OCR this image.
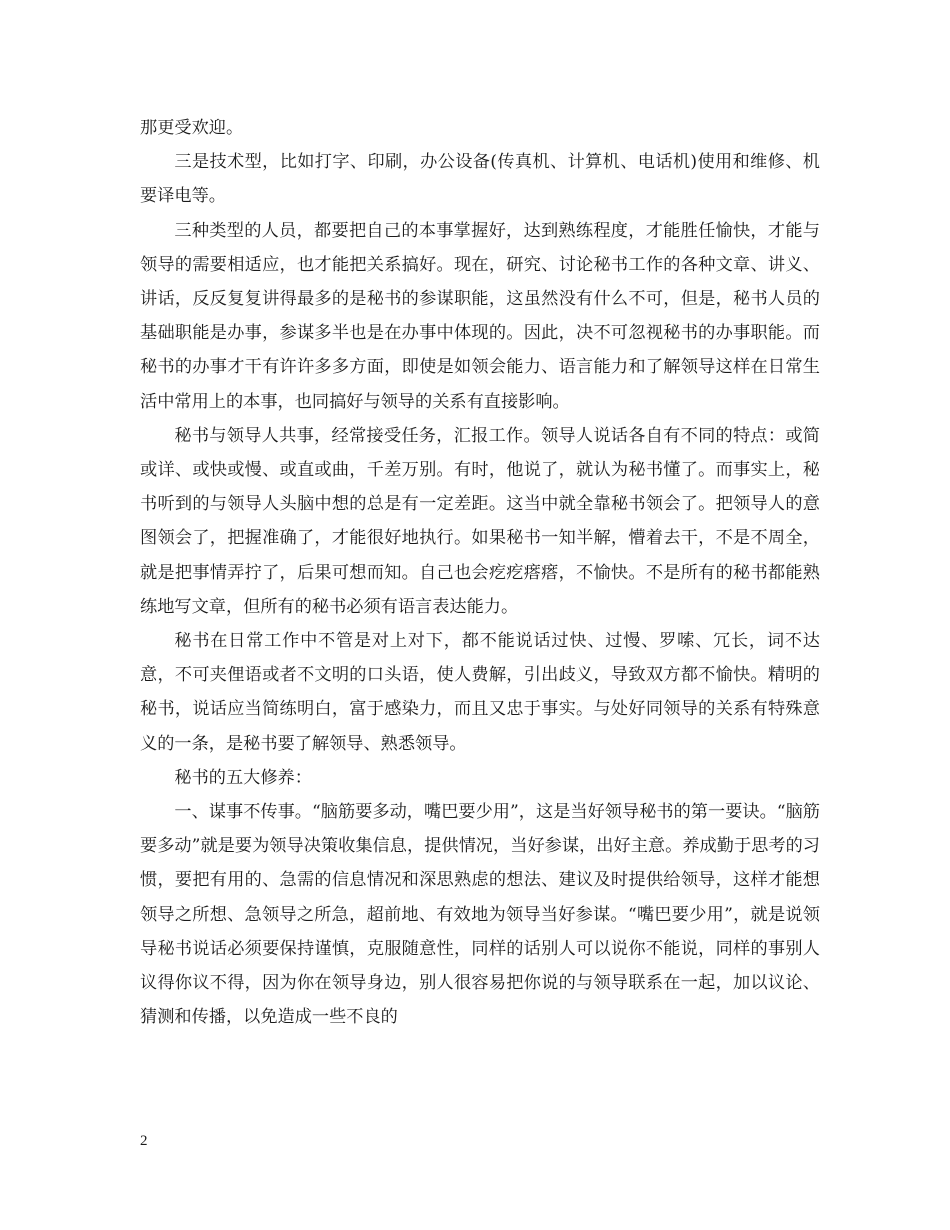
那更受欢迎。

三是技术型，比如打字、印刷，办公设备(传真机、计算机、电话机)使用和维修、机要译电等。

三种类型的人员，都要把自己的本事掌握好，达到熟练程度，才能胜任愉快，才能与领导的需要相适应，也才能把关系搞好。现在，研究、讨论秘书工作的各种文章、讲义、讲话，反反复复讲得最多的是秘书的参谋职能，这虽然没有什么不可，但是，秘书人员的基础职能是办事，参谋多半也是在办事中体现的。因此，决不可忽视秘书的办事职能。而秘书的办事才干有许许多多方面，即使是如领会能力、语言能力和了解领导这样在日常生活中常用上的本事，也同搞好与领导的关系有直接影响。

秘书与领导人共事，经常接受任务，汇报工作。领导人说话各自有不同的特点：或简或详、或快或慢、或直或曲，千差万别。有时，他说了，就认为秘书懂了。而事实上，秘书听到的与领导人头脑中想的总是有一定差距。这当中就全靠秘书领会了。把领导人的意图领会了，把握准确了，才能很好地执行。如果秘书一知半解，懵着去干，不是不周全，就是把事情弄拧了，后果可想而知。自己也会疙疙瘩瘩，不愉快。不是所有的秘书都能熟练地写文章，但所有的秘书必须有语言表达能力。

秘书在日常工作中不管是对上对下，都不能说话过快、过慢、罗嗦、冗长，词不达意，不可夹俚语或者不文明的口头语，使人费解，引出歧义，导致双方都不愉快。精明的秘书，说话应当简练明白，富于感染力，而且又忠于事实。与处好同领导的关系有特殊意义的一条，是秘书要了解领导、熟悉领导。

秘书的五大修养：

一、谋事不传事。“脑筋要多动，嘴巴要少用”，这是当好领导秘书的第一要诀。“脑筋要多动”就是要为领导决策收集信息，提供情况，当好参谋，出好主意。养成勤于思考的习惯，要把有用的、急需的信息情况和深思熟虑的想法、建议及时提供给领导，这样才能想领导之所想、急领导之所急，超前地、有效地为领导当好参谋。“嘴巴要少用”，就是说领导秘书说话必须要保持谨慎，克服随意性，同样的话别人可以说你不能说，同样的事别人议得你议不得，因为你在领导身边，别人很容易把你说的与领导联系在一起，加以议论、猜测和传播，以免造成一些不良的

2
